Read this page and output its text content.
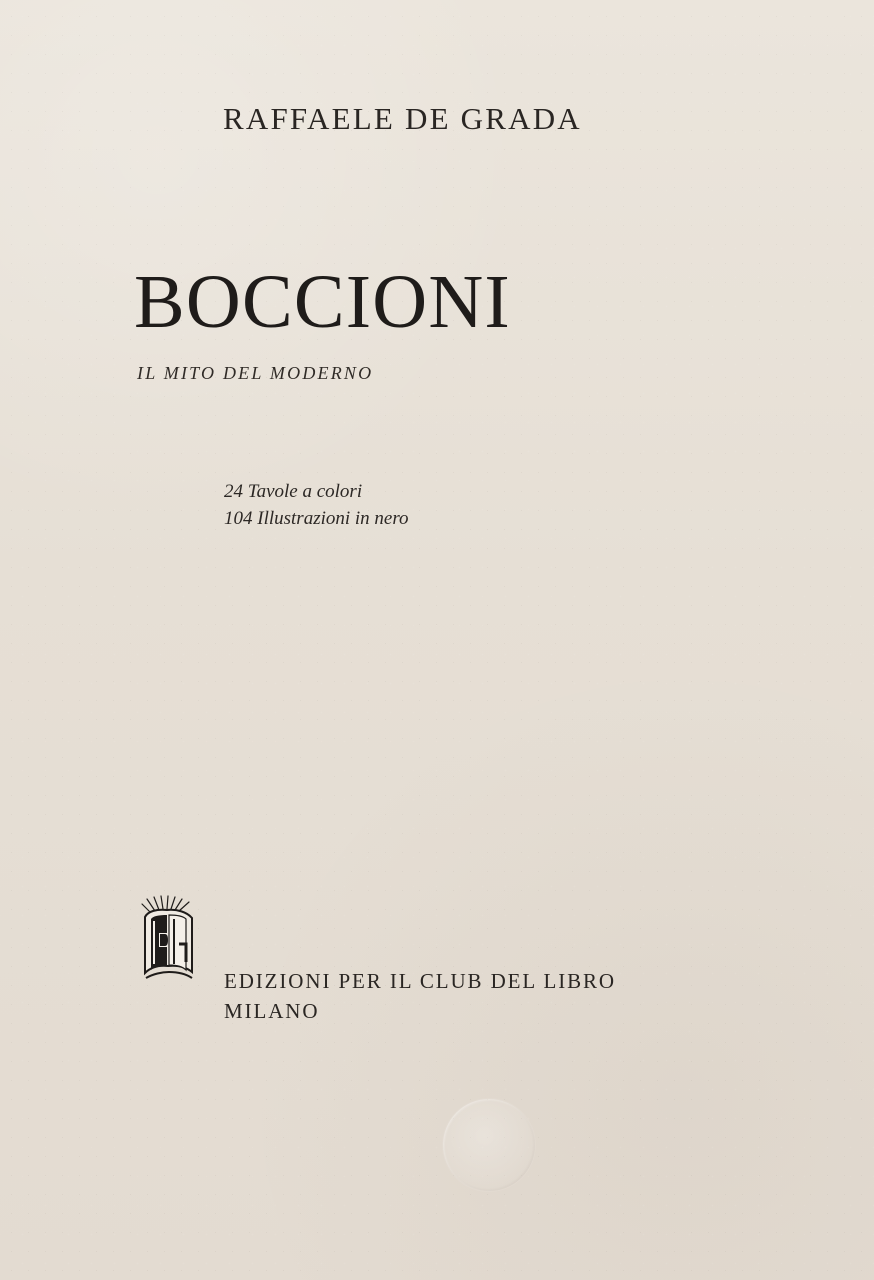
RAFFAELE DE GRADA

BOCCIONI

IL MITO DEL MODERNO

24 Tavole a colori
104 Illustrazioni in nero

EDIZIONI PER IL CLUB DEL LIBRO
MILANO
